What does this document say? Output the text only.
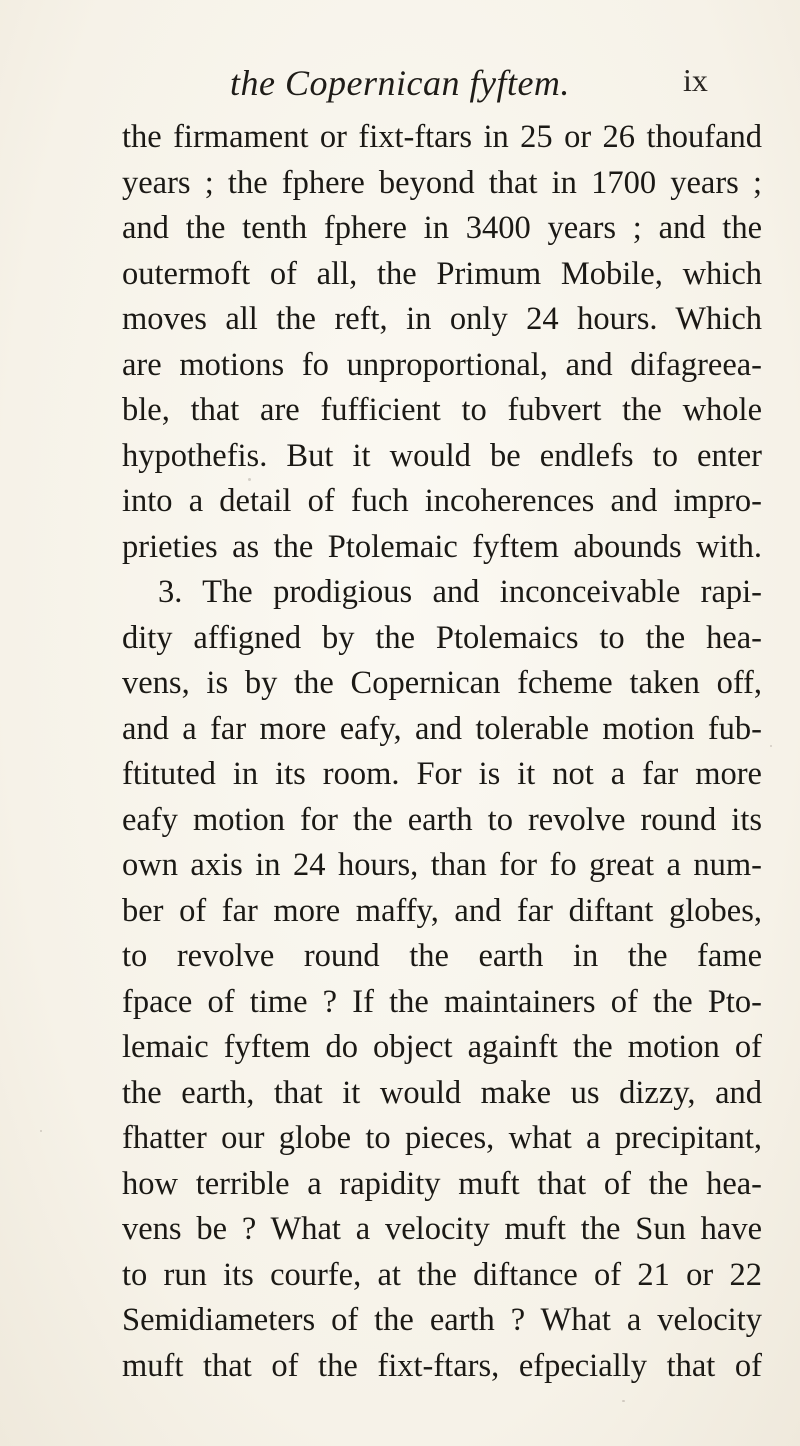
the Copernican fyftem.	ix
the firmament or fixt-ftars in 25 or 26 thoufand
years ; the fphere beyond that in 1700 years ;
and the tenth fphere in 3400 years ; and the
outermoft of all, the Primum Mobile, which
moves all the reft, in only 24 hours. Which
are motions fo unproportional, and difagreea-
ble, that are fufficient to fubvert the whole
hypothefis. But it would be endlefs to enter
into a detail of fuch incoherences and impro-
prieties as the Ptolemaic fyftem abounds with.
3. The prodigious and inconceivable rapi-
dity affigned by the Ptolemaics to the hea-
vens, is by the Copernican fcheme taken off,
and a far more eafy, and tolerable motion fub-
ftituted in its room. For is it not a far more
eafy motion for the earth to revolve round its
own axis in 24 hours, than for fo great a num-
ber of far more maffy, and far diftant globes,
to revolve round the earth in the fame
fpace of time ? If the maintainers of the Pto-
lemaic fyftem do object againft the motion of
the earth, that it would make us dizzy, and
fhatter our globe to pieces, what a precipitant,
how terrible a rapidity muft that of the hea-
vens be ? What a velocity muft the Sun have
to run its courfe, at the diftance of 21 or 22
Semidiameters of the earth ? What a velocity
muft that of the fixt-ftars, efpecially that of
